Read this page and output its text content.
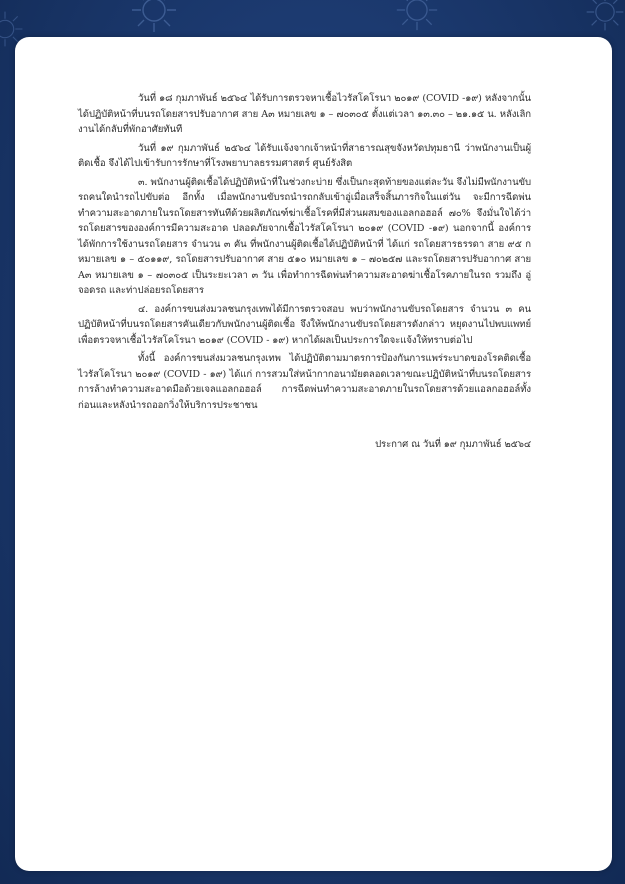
วันที่ ๑๘ กุมภาพันธ์ ๒๕๖๔ ได้รับการตรวจหาเชื้อไวรัสโคโรนา ๒๐๑๙ (COVID -๑๙) หลังจากนั้นได้ปฏิบัติหน้าที่บนรถโดยสารปรับอากาศ สาย A๓ หมายเลข ๑ – ๗๐๓๐๕ ตั้งแต่เวลา ๑๓.๓๐ – ๒๑.๑๕ น. หลังเลิกงานได้กลับที่พักอาศัยทันที

วันที่ ๑๙ กุมภาพันธ์ ๒๕๖๔ ได้รับแจ้งจากเจ้าหน้าที่สาธารณสุขจังหวัดปทุมธานี ว่าพนักงานเป็นผู้ติดเชื้อ จึงได้ไปเข้ารับการรักษาที่โรงพยาบาลธรรมศาสตร์ ศูนย์รังสิต

๓. พนักงานผู้ติดเชื้อได้ปฏิบัติหน้าที่ในช่วงกะบ่าย ซึ่งเป็นกะสุดท้ายของแต่ละวัน จึงไม่มีพนักงานขับรถคนใดนำรถไปขับต่อ อีกทั้ง เมื่อพนักงานขับรถนำรถกลับเข้าอู่เมื่อเสร็จสิ้นภารกิจในแต่วัน จะมีการฉีดพ่นทำความสะอาดภายในรถโดยสารทันทีด้วยผลิตภัณฑ์ฆ่าเชื้อโรคที่มีส่วนผสมของแอลกอฮอล์ ๗๐% จึงมั่นใจได้ว่ารถโดยสารขององค์การมีความสะอาด ปลอดภัยจากเชื้อไวรัสโคโรนา ๒๐๑๙ (COVID -๑๙) นอกจากนี้ องค์การได้พักการใช้งานรถโดยสาร จำนวน ๓ คัน ที่พนักงานผู้ติดเชื้อได้ปฏิบัติหน้าที่ ได้แก่ รถโดยสารธรรดา สาย ๙๕ ก หมายเลข ๑ – ๕๐๑๑๙, รถโดยสารปรับอากาศ สาย ๕๑๐ หมายเลข ๑ – ๗๐๒๕๗ และรถโดยสารปรับอากาศ สาย A๓ หมายเลข ๑ – ๗๐๓๐๕ เป็นระยะเวลา ๓ วัน เพื่อทำการฉีดพ่นทำความสะอาดฆ่าเชื้อโรคภายในรถ รวมถึง อู่จอดรถ และท่าปล่อยรถโดยสาร

๔. องค์การขนส่งมวลชนกรุงเทพได้มีการตรวจสอบ พบว่าพนักงานขับรถโดยสาร จำนวน ๓ คน ปฏิบัติหน้าที่บนรถโดยสารคันเดียวกับพนักงานผู้ติดเชื้อ จึงให้พนักงานขับรถโดยสารดังกล่าว หยุดงานไปพบแพทย์เพื่อตรวจหาเชื้อไวรัสโคโรนา ๒๐๑๙ (COVID - ๑๙) หากได้ผลเป็นประการใดจะแจ้งให้ทราบต่อไป

ทั้งนี้ องค์การขนส่งมวลชนกรุงเทพ ได้ปฏิบัติตามมาตรการป้องกันการแพร่ระบาดของโรคติดเชื้อไวรัสโคโรนา ๒๐๑๙ (COVID - ๑๙) ได้แก่ การสวมใส่หน้ากากอนามัยตลอดเวลาขณะปฏิบัติหน้าที่บนรถโดยสาร การล้างทำความสะอาดมือด้วยเจลแอลกอฮอล์ การฉีดพ่นทำความสะอาดภายในรถโดยสารด้วยแอลกอฮอล์ทั้งก่อนและหลังนำรถออกวิ่งให้บริการประชาชน

ประกาศ ณ วันที่ ๑๙ กุมภาพันธ์ ๒๕๖๔
